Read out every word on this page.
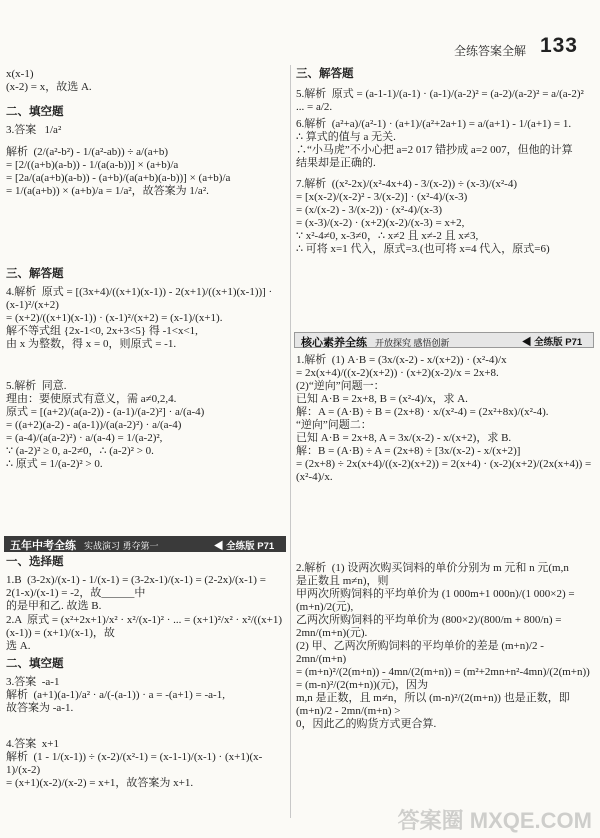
全练答案全解 133
x(x-1)
(x-2) = x，故选 A.
二、填空题
3.答案   1/a²
解析  (2/(a²-b²) - 1/(a²-ab)) ÷ a/(a+b)
= [2/((a+b)(a-b)) - 1/(a(a-b))] × (a+b)/a
= [2a/(a(a+b)(a-b)) - (a+b)/(a(a+b)(a-b))] × (a+b)/a
= 1/(a(a+b)) × (a+b)/a = 1/a²，故答案为 1/a².
三、解答题
4.解析  原式 = [(3x+4)/((x+1)(x-1)) - 2(x+1)/((x+1)(x-1))] · (x-1)²/(x+2)
= (x+2)/((x+1)(x-1)) · (x-1)²/(x+2) = (x-1)/(x+1).
解不等式组 {2x-1<0, 2x+3<5} 得 -1<x<1,
由 x 为整数，得 x = 0，则原式 = -1.
5.解析  同意.
理由：要使原式有意义，需 a≠0,2,4.
原式 = [(a+2)/(a(a-2)) - (a-1)/(a-2)²] · a/(a-4)
= ((a+2)(a-2) - a(a-1))/(a(a-2)²) · a/(a-4)
= (a-4)/(a(a-2)²) · a/(a-4) = 1/(a-2)²,
∵ (a-2)² ≥ 0, a-2≠0，∴ (a-2)² > 0.
∴ 原式 = 1/(a-2)² > 0.
五年中考全练 实战演习 勇夺第一	◀ 全练版 P71
一、选择题
1.B  (3-2x)/(x-1) - 1/(x-1) = (3-2x-1)/(x-1) = (2-2x)/(x-1) = 2(1-x)/(x-1) = -2，故______中
的是甲和乙. 故选 B.
2.A  原式 = (x²+2x+1)/x² · x²/(x-1)² · ... = (x+1)²/x² · x²/((x+1)(x-1)) = (x+1)/(x-1)，故
选 A.
二、填空题
3.答案  -a-1
解析  (a+1)(a-1)/a² · a/(-(a-1)) · a = -(a+1) = -a-1,
故答案为 -a-1.
4.答案  x+1
解析  (1 - 1/(x-1)) ÷ (x-2)/(x²-1) = (x-1-1)/(x-1) · (x+1)(x-1)/(x-2)
= (x+1)(x-2)/(x-2) = x+1，故答案为 x+1.
三、解答题
5.解析  原式 = (a-1-1)/(a-1) · (a-1)/(a-2)² = (a-2)/(a-2)² = a/(a-2)² ... = a/2.
6.解析  (a²+a)/(a²-1) · (a+1)/(a²+2a+1) = a/(a+1) - 1/(a+1) = 1.
∴ 算式的值与 a 无关.
∴“小马虎”不小心把 a=2 017 错抄成 a=2 007，但他的计算
结果却是正确的.
7.解析  ((x²-2x)/(x²-4x+4) - 3/(x-2)) ÷ (x-3)/(x²-4)
= [x(x-2)/(x-2)² - 3/(x-2)] · (x²-4)/(x-3)
= (x/(x-2) - 3/(x-2)) · (x²-4)/(x-3)
= (x-3)/(x-2) · (x+2)(x-2)/(x-3) = x+2,
∵ x²-4≠0, x-3≠0，∴ x≠2 且 x≠-2 且 x≠3,
∴ 可将 x=1 代入，原式=3.(也可将 x=4 代入，原式=6)
核心素养全练 开放探究 感悟创新	◀ 全练版 P71
1.解析  (1) A·B = (3x/(x-2) - x/(x+2)) · (x²-4)/x
= 2x(x+4)/((x-2)(x+2)) · (x+2)(x-2)/x = 2x+8.
(2)“逆向”问题一：
已知 A·B = 2x+8, B = (x²-4)/x，求 A.
解：A = (A·B) ÷ B = (2x+8) · x/(x²-4) = (2x²+8x)/(x²-4).
“逆向”问题二：
已知 A·B = 2x+8, A = 3x/(x-2) - x/(x+2)，求 B.
解：B = (A·B) ÷ A = (2x+8) ÷ [3x/(x-2) - x/(x+2)]
= (2x+8) ÷ 2x(x+4)/((x-2)(x+2)) = 2(x+4) · (x-2)(x+2)/(2x(x+4)) = (x²-4)/x.
2.解析  (1) 设两次购买饲料的单价分别为 m 元和 n 元(m,n
是正数且 m≠n)，则
甲两次所购饲料的平均单价为 (1 000m+1 000n)/(1 000×2) = (m+n)/2(元),
乙两次所购饲料的平均单价为 (800×2)/(800/m + 800/n) = 2mn/(m+n)(元).
(2) 甲、乙两次所购饲料的平均单价的差是 (m+n)/2 - 2mn/(m+n)
= (m+n)²/(2(m+n)) - 4mn/(2(m+n)) = (m²+2mn+n²-4mn)/(2(m+n)) = (m-n)²/(2(m+n))(元)，因为
m,n 是正数，且 m≠n，所以 (m-n)²/(2(m+n)) 也是正数，即 (m+n)/2 - 2mn/(m+n) >
0，因此乙的购货方式更合算.
答案圈 MXQE.COM
